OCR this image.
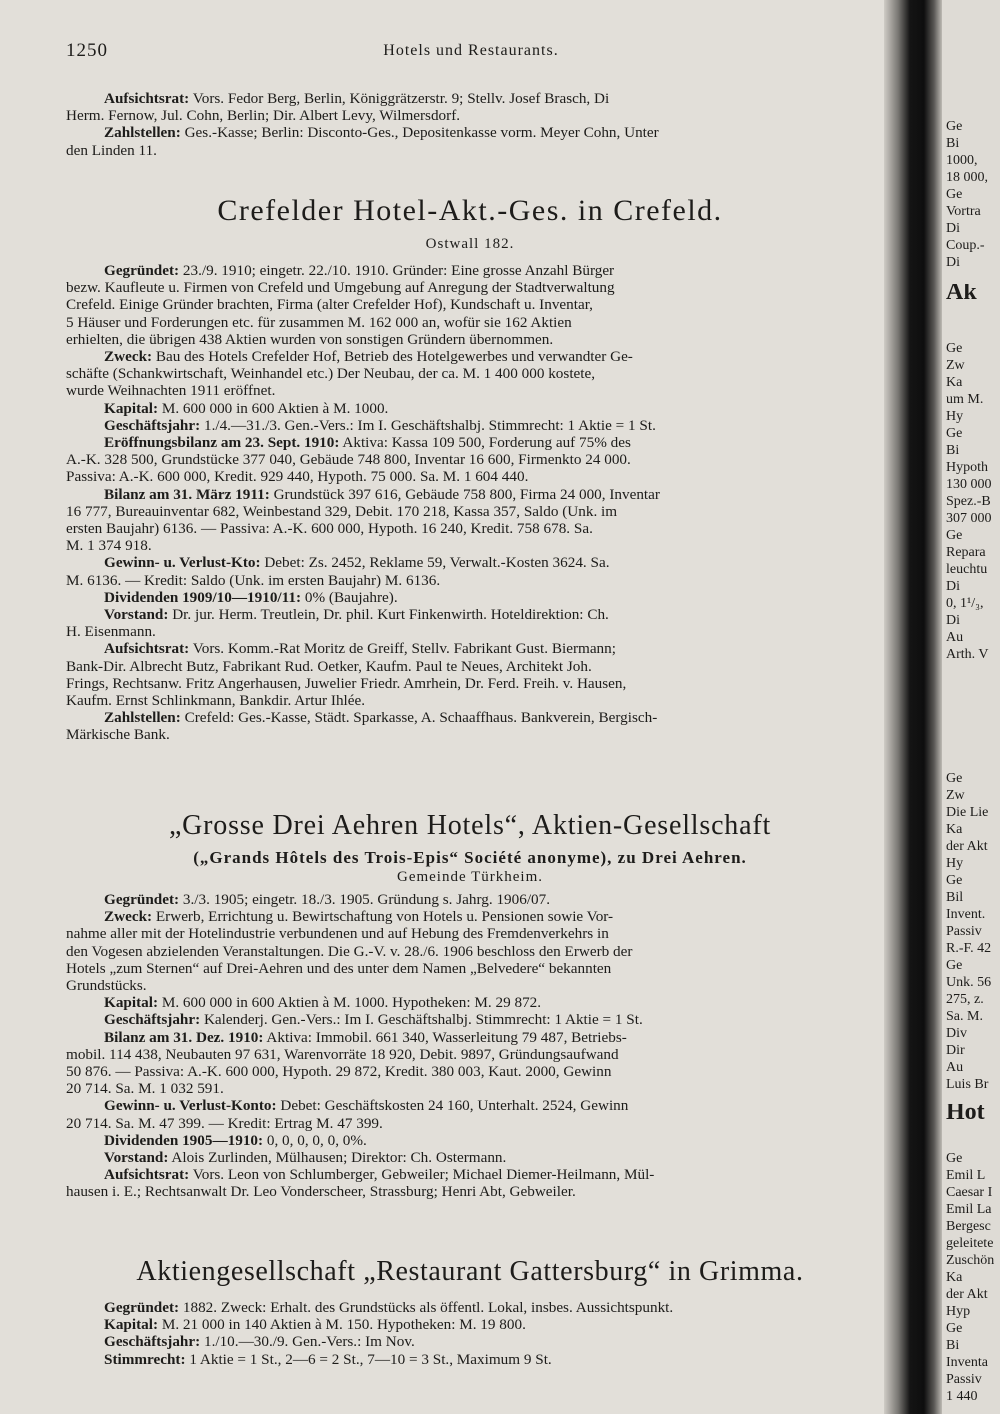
1250	Hotels und Restaurants.

Aufsichtsrat: Vors. Fedor Berg, Berlin, Königgrätzerstr. 9; Stellv. Josef Brasch, Di

Herm. Fernow, Jul. Cohn, Berlin; Dir. Albert Levy, Wilmersdorf.

Zahlstellen: Ges.-Kasse; Berlin: Disconto-Ges., Depositenkasse vorm. Meyer Cohn, Unter

den Linden 11.
Crefelder Hotel-Akt.-Ges. in Crefeld.
Ostwall 182.
Gegründet: 23./9. 1910; eingetr. 22./10. 1910. Gründer: Eine grosse Anzahl Bürger
bezw. Kaufleute u. Firmen von Crefeld und Umgebung auf Anregung der Stadtverwaltung
Crefeld. Einige Gründer brachten, Firma (alter Crefelder Hof), Kundschaft u. Inventar,
5 Häuser und Forderungen etc. für zusammen M. 162 000 an, wofür sie 162 Aktien
erhielten, die übrigen 438 Aktien wurden von sonstigen Gründern übernommen.
Zweck: Bau des Hotels Crefelder Hof, Betrieb des Hotelgewerbes und verwandter Ge-
schäfte (Schankwirtschaft, Weinhandel etc.) Der Neubau, der ca. M. 1 400 000 kostete,
wurde Weihnachten 1911 eröffnet.
Kapital: M. 600 000 in 600 Aktien à M. 1000.
Geschäftsjahr: 1./4.—31./3. Gen.-Vers.: Im I. Geschäftshalbj. Stimmrecht: 1 Aktie = 1 St.
Eröffnungsbilanz am 23. Sept. 1910: Aktiva: Kassa 109 500, Forderung auf 75% des
A.-K. 328 500, Grundstücke 377 040, Gebäude 748 800, Inventar 16 600, Firmenkto 24 000.
Passiva: A.-K. 600 000, Kredit. 929 440, Hypoth. 75 000. Sa. M. 1 604 440.
Bilanz am 31. März 1911: Grundstück 397 616, Gebäude 758 800, Firma 24 000, Inventar
16 777, Bureauinventar 682, Weinbestand 329, Debit. 170 218, Kassa 357, Saldo (Unk. im
ersten Baujahr) 6136. — Passiva: A.-K. 600 000, Hypoth. 16 240, Kredit. 758 678. Sa.
M. 1 374 918.
Gewinn- u. Verlust-Kto: Debet: Zs. 2452, Reklame 59, Verwalt.-Kosten 3624. Sa.
M. 6136. — Kredit: Saldo (Unk. im ersten Baujahr) M. 6136.
Dividenden 1909/10—1910/11: 0% (Baujahre).
Vorstand: Dr. jur. Herm. Treutlein, Dr. phil. Kurt Finkenwirth. Hoteldirektion: Ch.
H. Eisenmann.
Aufsichtsrat: Vors. Komm.-Rat Moritz de Greiff, Stellv. Fabrikant Gust. Biermann;
Bank-Dir. Albrecht Butz, Fabrikant Rud. Oetker, Kaufm. Paul te Neues, Architekt Joh.
Frings, Rechtsanw. Fritz Angerhausen, Juwelier Friedr. Amrhein, Dr. Ferd. Freih. v. Hausen,
Kaufm. Ernst Schlinkmann, Bankdir. Artur Ihlée.
Zahlstellen: Crefeld: Ges.-Kasse, Städt. Sparkasse, A. Schaaffhaus. Bankverein, Bergisch-
Märkische Bank.
„Grosse Drei Aehren Hotels“, Aktien-Gesellschaft
(„Grands Hôtels des Trois-Epis“ Société anonyme), zu Drei Aehren.
Gemeinde Türkheim.
Gegründet: 3./3. 1905; eingetr. 18./3. 1905. Gründung s. Jahrg. 1906/07.
Zweck: Erwerb, Errichtung u. Bewirtschaftung von Hotels u. Pensionen sowie Vor-
nahme aller mit der Hotelindustrie verbundenen und auf Hebung des Fremdenverkehrs in
den Vogesen abzielenden Veranstaltungen. Die G.-V. v. 28./6. 1906 beschloss den Erwerb der
Hotels „zum Sternen“ auf Drei-Aehren und des unter dem Namen „Belvedere“ bekannten
Grundstücks.
Kapital: M. 600 000 in 600 Aktien à M. 1000. Hypotheken: M. 29 872.
Geschäftsjahr: Kalenderj. Gen.-Vers.: Im I. Geschäftshalbj. Stimmrecht: 1 Aktie = 1 St.
Bilanz am 31. Dez. 1910: Aktiva: Immobil. 661 340, Wasserleitung 79 487, Betriebs-
mobil. 114 438, Neubauten 97 631, Warenvorräte 18 920, Debit. 9897, Gründungsaufwand
50 876. — Passiva: A.-K. 600 000, Hypoth. 29 872, Kredit. 380 003, Kaut. 2000, Gewinn
20 714. Sa. M. 1 032 591.
Gewinn- u. Verlust-Konto: Debet: Geschäftskosten 24 160, Unterhalt. 2524, Gewinn
20 714. Sa. M. 47 399. — Kredit: Ertrag M. 47 399.
Dividenden 1905—1910: 0, 0, 0, 0, 0, 0%.
Vorstand: Alois Zurlinden, Mülhausen; Direktor: Ch. Ostermann.
Aufsichtsrat: Vors. Leon von Schlumberger, Gebweiler; Michael Diemer-Heilmann, Mül-
hausen i. E.; Rechtsanwalt Dr. Leo Vonderscheer, Strassburg; Henri Abt, Gebweiler.
Aktiengesellschaft „Restaurant Gattersburg“ in Grimma.
Gegründet: 1882. Zweck: Erhalt. des Grundstücks als öffentl. Lokal, insbes. Aussichtspunkt.
Kapital: M. 21 000 in 140 Aktien à M. 150. Hypotheken: M. 19 800.
Geschäftsjahr: 1./10.—30./9. Gen.-Vers.: Im Nov.
Stimmrecht: 1 Aktie = 1 St., 2—6 = 2 St., 7—10 = 3 St., Maximum 9 St.
Ge
Bi
1000,
18 000,
Ge
Vortra
Di
Coup.-
Di
Ak
Ge
Zw
Ka
um M.
Hy
Ge
Bi
Hypoth
130 000
Spez.-B
307 000
Ge
Repara
leuchtu
Di
0, 1¹/₃,
Di
Au
Arth. V
Ge
Zw
Die Lie
Ka
der Akt
Hy
Ge
Bil
Invent.
Passiv
R.-F. 42
Ge
Unk. 56
275, z.
Sa. M.
Div
Dir
Au
Luis Br
Hot
Ge
Emil L
Caesar I
Emil La
Bergesc
geleitete
Zuschön
Ka
der Akt
Hyp
Ge
Bi
Inventa
Passiv
1 440
